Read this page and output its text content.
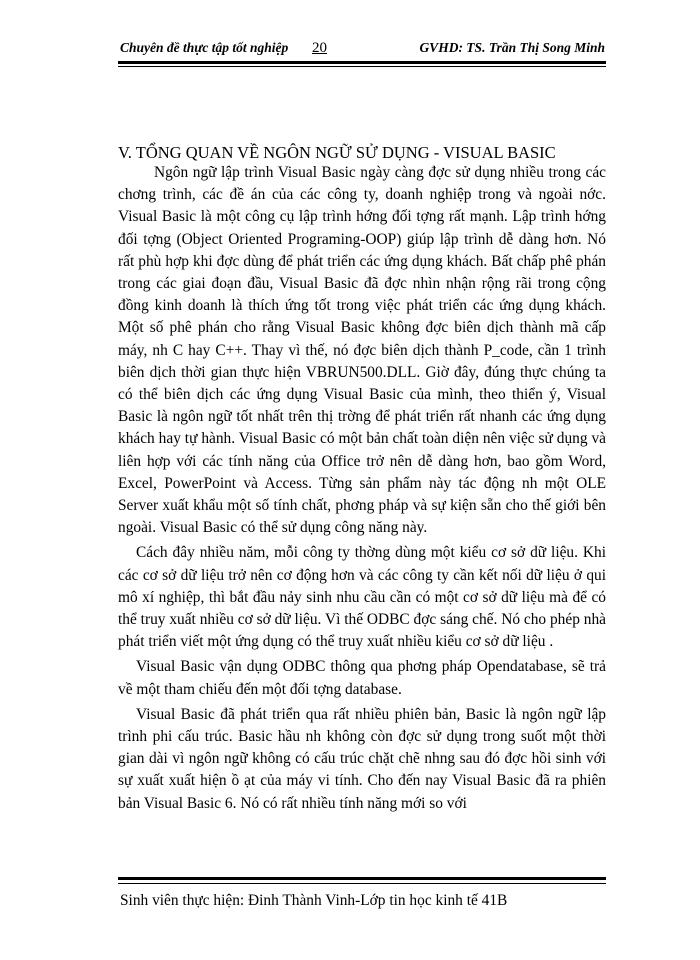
Chuyên đề thực tập tốt nghiệp 20	GVHD: TS. Trần Thị Song Minh
V. TỔNG QUAN VỀ NGÔN NGỮ SỬ DỤNG - VISUAL BASIC

Ngôn ngữ lập trình Visual Basic ngày càng đợc sử dụng nhiều trong các chơng trình, các đề án của các công ty, doanh nghiệp trong và ngoài nớc. Visual Basic là một công cụ lập trình hớng đối tợng rất mạnh. Lập trình hớng đối tợng (Object Oriented Programing-OOP) giúp lập trình dễ dàng hơn. Nó rất phù hợp khi đợc dùng để phát triển các ứng dụng khách. Bất chấp phê phán trong các giai đoạn đầu, Visual Basic đã đợc nhìn nhận rộng rãi trong cộng đồng kinh doanh là thích ứng tốt trong việc phát triển các ứng dụng khách. Một số phê phán cho rằng Visual Basic không đợc biên dịch thành mã cấp máy, nh C hay C++. Thay vì thế, nó đợc biên dịch thành P_code, cần 1 trình biên dịch thời gian thực hiện VBRUN500.DLL. Giờ đây, đúng thực chúng ta có thể biên dịch các ứng dụng Visual Basic của mình, theo thiển ý, Visual Basic là ngôn ngữ tốt nhất trên thị trờng để phát triển rất nhanh các ứng dụng khách hay tự hành. Visual Basic có một bản chất toàn diện nên việc sử dụng và liên hợp với các tính năng của Office trở nên dễ dàng hơn, bao gồm Word, Excel, PowerPoint và Access. Từng sản phẩm này tác động nh một OLE Server xuất khẩu một số tính chất, phơng pháp và sự kiện sẵn cho thế giới bên ngoài. Visual Basic có thể sử dụng công năng này.

Cách đây nhiều năm, mỗi công ty thờng dùng một kiểu cơ sở dữ liệu. Khi các cơ sở dữ liệu trở nên cơ động hơn và các công ty cần kết nối dữ liệu ở qui mô xí nghiệp, thì bắt đầu nảy sinh nhu cầu cần có một cơ sở dữ liệu mà để có thể truy xuất nhiều cơ sở dữ liệu. Vì thế ODBC đợc sáng chế. Nó cho phép nhà phát triển viết một ứng dụng có thể truy xuất nhiều kiểu cơ sở dữ liệu .

Visual Basic vận dụng ODBC thông qua phơng pháp Opendatabase, sẽ trả về một tham chiếu đến một đối tợng database.

Visual Basic đã phát triển qua rất nhiều phiên bản, Basic là ngôn ngữ lập trình phi cấu trúc. Basic hầu nh không còn đợc sử dụng trong suốt một thời gian dài vì ngôn ngữ không có cấu trúc chặt chẽ nhng sau đó đợc hồi sinh với sự xuất xuất hiện ồ ạt của máy vi tính. Cho đến nay Visual Basic đã ra phiên bản Visual Basic 6. Nó có rất nhiều tính năng mới so với

Sinh viên thực hiện: Đinh Thành Vinh-Lớp tin học kinh tế 41B
